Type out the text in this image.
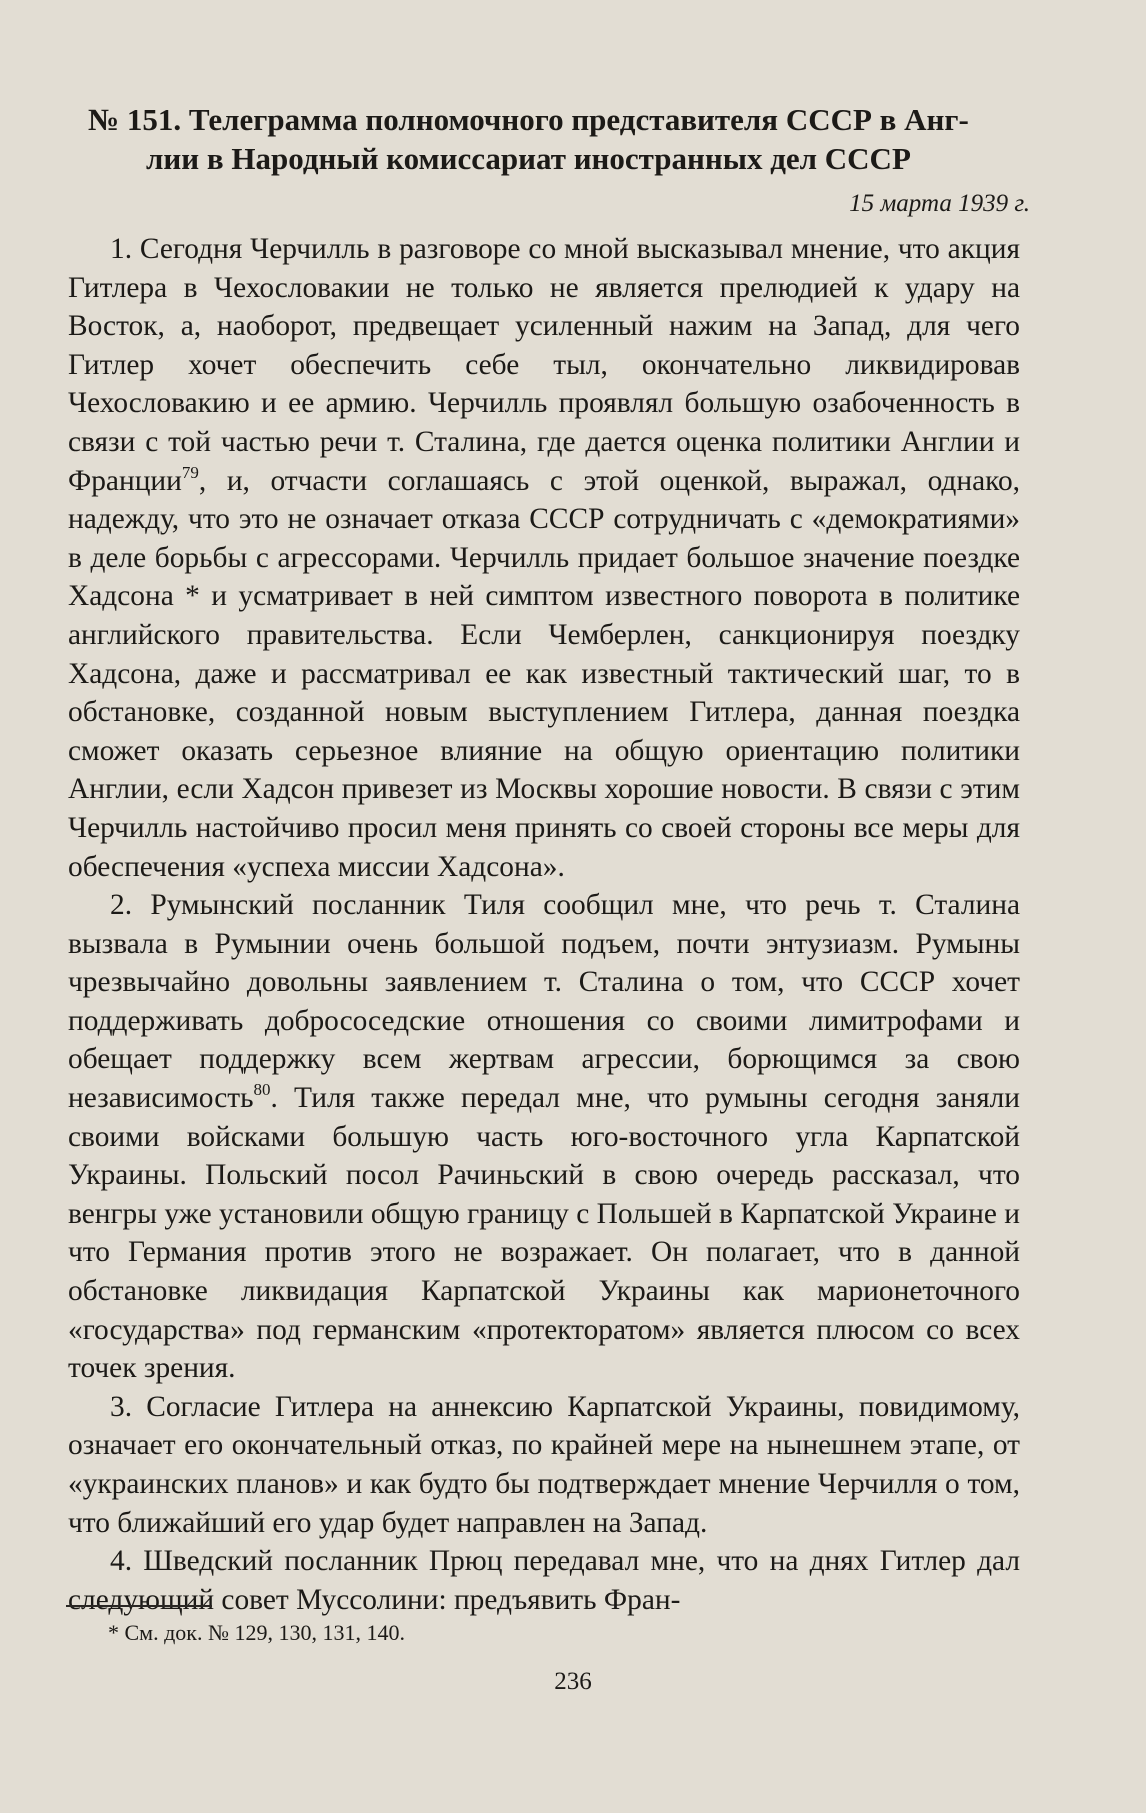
№ 151. Телеграмма полномочного представителя СССР в Анг-
лии в Народный комиссариат иностранных дел СССР
15 марта 1939 г.

1. Сегодня Черчилль в разговоре со мной высказывал мнение, что акция Гитлера в Чехословакии не только не является прелюдией к удару на Восток, а, наоборот, предвещает усиленный нажим на Запад, для чего Гитлер хочет обеспечить себе тыл, окончательно ликвидировав Чехословакию и ее армию. Черчилль проявлял большую озабоченность в связи с той частью речи т. Сталина, где дается оценка политики Англии и Франции$^{79}$, и, отчасти соглашаясь с этой оценкой, выражал, однако, надежду, что это не означает отказа СССР сотрудничать с «демократиями» в деле борьбы с агрессорами. Черчилль придает большое значение поездке Хадсона * и усматривает в ней симптом известного поворота в политике английского правительства. Если Чемберлен, санкционируя поездку Хадсона, даже и рассматривал ее как известный тактический шаг, то в обстановке, созданной новым выступлением Гитлера, данная поездка сможет оказать серьезное влияние на общую ориентацию политики Англии, если Хадсон привезет из Москвы хорошие новости. В связи с этим Черчилль настойчиво просил меня принять со своей стороны все меры для обеспечения «успеха миссии Хадсона».

2. Румынский посланник Тиля сообщил мне, что речь т. Сталина вызвала в Румынии очень большой подъем, почти энтузиазм. Румыны чрезвычайно довольны заявлением т. Сталина о том, что СССР хочет поддерживать добрососедские отношения со своими лимитрофами и обещает поддержку всем жертвам агрессии, борющимся за свою независимость$^{80}$. Тиля также передал мне, что румыны сегодня заняли своими войсками большую часть юго-восточного угла Карпатской Украины. Польский посол Рачиньский в свою очередь рассказал, что венгры уже установили общую границу с Польшей в Карпатской Украине и что Германия против этого не возражает. Он полагает, что в данной обстановке ликвидация Карпатской Украины как марионеточного «государства» под германским «протекторатом» является плюсом со всех точек зрения.

3. Согласие Гитлера на аннексию Карпатской Украины, повидимому, означает его окончательный отказ, по крайней мере на нынешнем этапе, от «украинских планов» и как будто бы подтверждает мнение Черчилля о том, что ближайший его удар будет направлен на Запад.

4. Шведский посланник Прюц передавал мне, что на днях Гитлер дал следующий совет Муссолини: предъявить Фран-

* См. док. № 129, 130, 131, 140.
236
